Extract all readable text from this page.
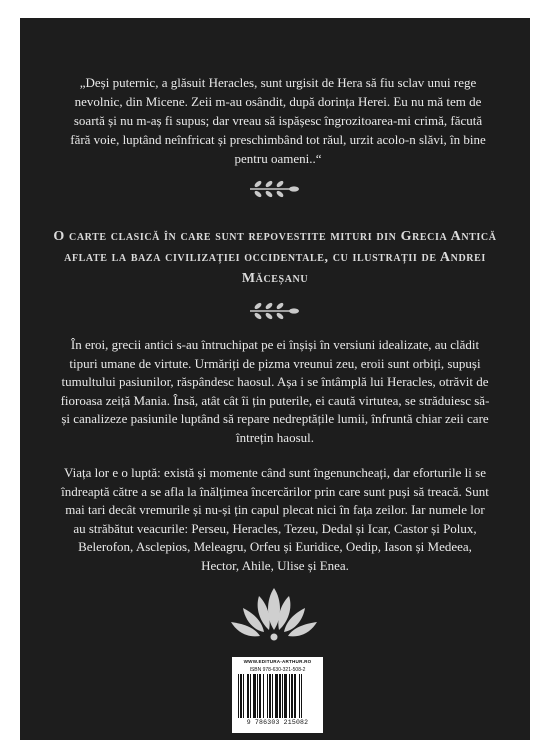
„Deși puternic, a glăsuit Heracles, sunt urgisit de Hera să fiu sclav unui rege nevolnic, din Micene. Zeii m-au osândit, după dorința Herei. Eu nu mă tem de soartă și nu m-aș fi supus; dar vreau să ispășesc îngrozitoarea-mi crimă, făcută fără voie, luptând neînfricat și preschimbând tot răul, urzit acolo-n slăvi, în bine pentru oameni..“
O carte clasică în care sunt repovestite mituri din Grecia Antică aflate la baza civilizației occidentale, cu ilustrații de Andrei Măceșanu
În eroi, grecii antici s-au întruchipat pe ei înșiși în versiuni idealizate, au clădit tipuri umane de virtute. Urmăriți de pizma vreunui zeu, eroii sunt orbiți, supuși tumultului pasiunilor, răspândesc haosul. Așa i se întâmplă lui Heracles, otrăvit de fioroasa zeiță Mania. Însă, atât cât îi țin puterile, ei caută virtutea, se străduiesc să-și canalizeze pasiunile luptând să repare nedreptățile lumii, înfruntă chiar zeii care întrețin haosul.
Viața lor e o luptă: există și momente când sunt îngenuncheați, dar eforturile li se îndreaptă către a se afla la înălțimea încercărilor prin care sunt puși să treacă. Sunt mai tari decât vremurile și nu-și țin capul plecat nici în fața zeilor. Iar numele lor au străbătut veacurile: Perseu, Heracles, Tezeu, Dedal și Icar, Castor și Polux, Belerofon, Asclepios, Meleagru, Orfeu și Euridice, Oedip, Iason și Medeea, Hector, Ahile, Ulise și Enea.
WWW.EDITURA-ARTHUR.RO
ISBN 978-630-321-508-2
9 786303 215082
